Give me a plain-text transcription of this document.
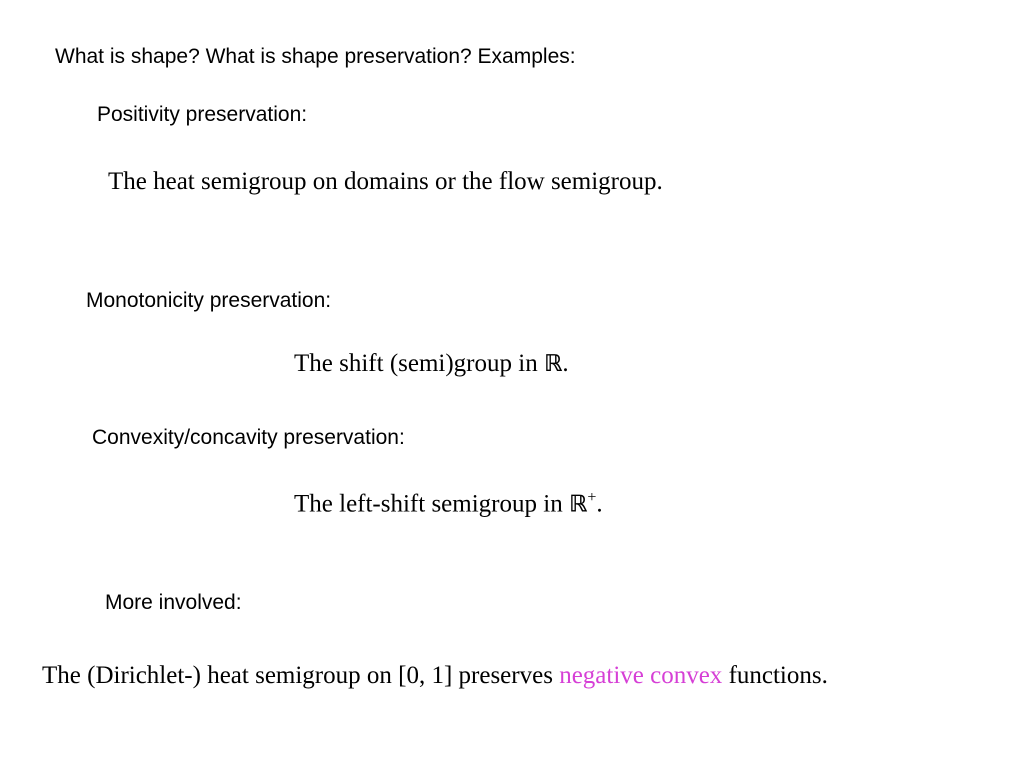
What is shape? What is shape preservation? Examples:
Positivity preservation:
The heat semigroup on domains or the flow semigroup.
Monotonicity preservation:
The shift (semi)group in ℝ.
Convexity/concavity preservation:
The left-shift semigroup in ℝ+.
More involved:
The (Dirichlet-) heat semigroup on [0, 1] preserves negative convex functions.
